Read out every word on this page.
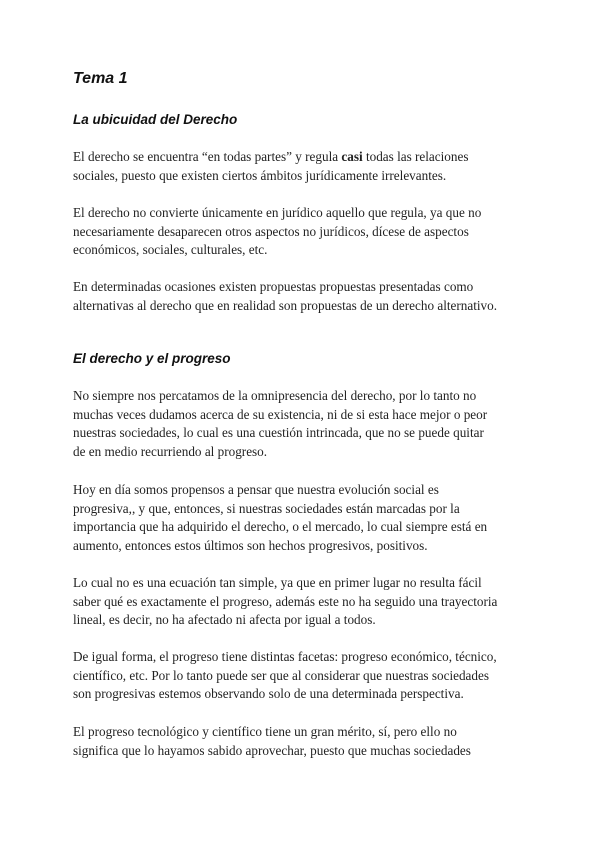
Tema 1
La ubicuidad del Derecho

El derecho se encuentra “en todas partes” y regula casi todas las relaciones
sociales, puesto que existen ciertos ámbitos jurídicamente irrelevantes.

El derecho no convierte únicamente en jurídico aquello que regula, ya que no
necesariamente desaparecen otros aspectos no jurídicos, dícese de aspectos
económicos, sociales, culturales, etc.

En determinadas ocasiones existen propuestas propuestas presentadas como
alternativas al derecho que en realidad son propuestas de un derecho alternativo.

El derecho y el progreso

No siempre nos percatamos de la omnipresencia del derecho, por lo tanto no
muchas veces dudamos acerca de su existencia, ni de si esta hace mejor o peor
nuestras sociedades, lo cual es una cuestión intrincada, que no se puede quitar
de en medio recurriendo al progreso.

Hoy en día somos propensos a pensar que nuestra evolución social es
progresiva,, y que, entonces, si nuestras sociedades están marcadas por la
importancia que ha adquirido el derecho, o el mercado, lo cual siempre está en
aumento, entonces estos últimos son hechos progresivos, positivos.

Lo cual no es una ecuación tan simple, ya que en primer lugar no resulta fácil
saber qué es exactamente el progreso, además este no ha seguido una trayectoria
lineal, es decir, no ha afectado ni afecta por igual a todos.

De igual forma, el progreso tiene distintas facetas: progreso económico, técnico,
científico, etc. Por lo tanto puede ser que al considerar que nuestras sociedades
son progresivas estemos observando solo de una determinada perspectiva.

El progreso tecnológico y científico tiene un gran mérito, sí, pero ello no
significa que lo hayamos sabido aprovechar, puesto que muchas sociedades
